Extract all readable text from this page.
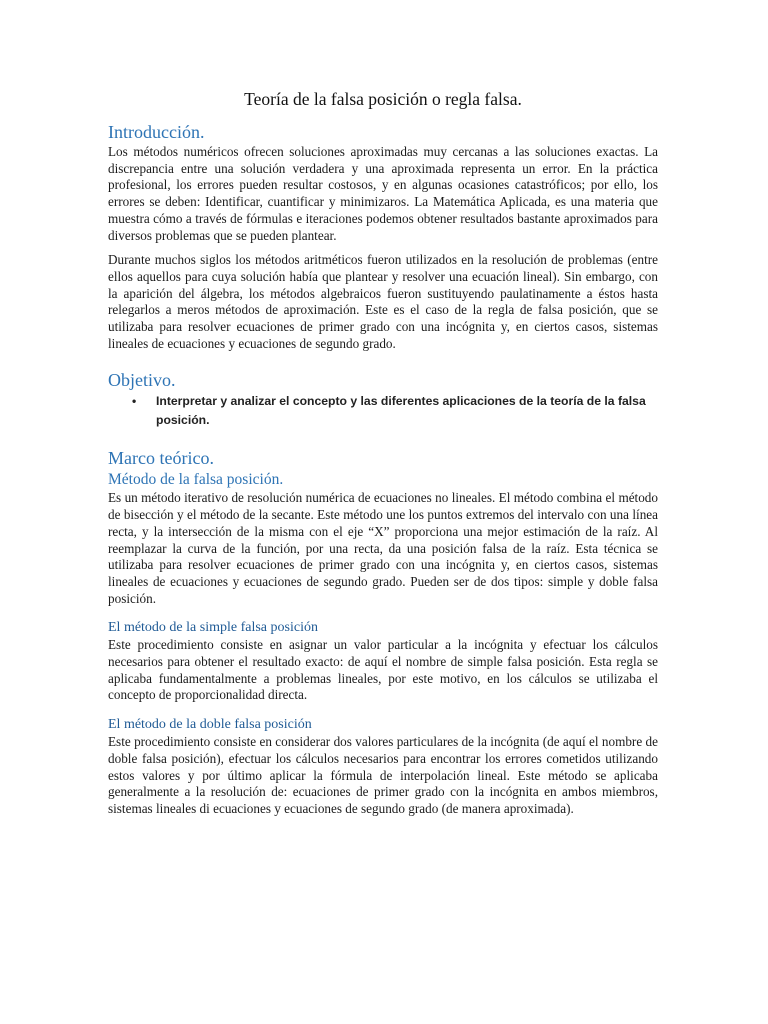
Teoría de la falsa posición o regla falsa.
Introducción.

Los métodos numéricos ofrecen soluciones aproximadas muy cercanas a las soluciones exactas. La discrepancia entre una solución verdadera y una aproximada representa un error. En la práctica profesional, los errores pueden resultar costosos, y en algunas ocasiones catastróficos; por ello, los errores se deben: Identificar, cuantificar y minimizaros. La Matemática Aplicada, es una materia que muestra cómo a través de fórmulas e iteraciones podemos obtener resultados bastante aproximados para diversos problemas que se pueden plantear.

Durante muchos siglos los métodos aritméticos fueron utilizados en la resolución de problemas (entre ellos aquellos para cuya solución había que plantear y resolver una ecuación lineal). Sin embargo, con la aparición del álgebra, los métodos algebraicos fueron sustituyendo paulatinamente a éstos hasta relegarlos a meros métodos de aproximación. Este es el caso de la regla de falsa posición, que se utilizaba para resolver ecuaciones de primer grado con una incógnita y, en ciertos casos, sistemas lineales de ecuaciones y ecuaciones de segundo grado.

Objetivo.
• Interpretar y analizar el concepto y las diferentes aplicaciones de la teoría de la falsa posición.
Marco teórico.
Método de la falsa posición.

Es un método iterativo de resolución numérica de ecuaciones no lineales. El método combina el método de bisección y el método de la secante. Este método une los puntos extremos del intervalo con una línea recta, y la intersección de la misma con el eje “X” proporciona una mejor estimación de la raíz. Al reemplazar la curva de la función, por una recta, da una posición falsa de la raíz. Esta técnica se utilizaba para resolver ecuaciones de primer grado con una incógnita y, en ciertos casos, sistemas lineales de ecuaciones y ecuaciones de segundo grado. Pueden ser de dos tipos: simple y doble falsa posición.

El método de la simple falsa posición

Este procedimiento consiste en asignar un valor particular a la incógnita y efectuar los cálculos necesarios para obtener el resultado exacto: de aquí el nombre de simple falsa posición. Esta regla se aplicaba fundamentalmente a problemas lineales, por este motivo, en los cálculos se utilizaba el concepto de proporcionalidad directa.

El método de la doble falsa posición

Este procedimiento consiste en considerar dos valores particulares de la incógnita (de aquí el nombre de doble falsa posición), efectuar los cálculos necesarios para encontrar los errores cometidos utilizando estos valores y por último aplicar la fórmula de interpolación lineal. Este método se aplicaba generalmente a la resolución de: ecuaciones de primer grado con la incógnita en ambos miembros, sistemas lineales di ecuaciones y ecuaciones de segundo grado (de manera aproximada).
